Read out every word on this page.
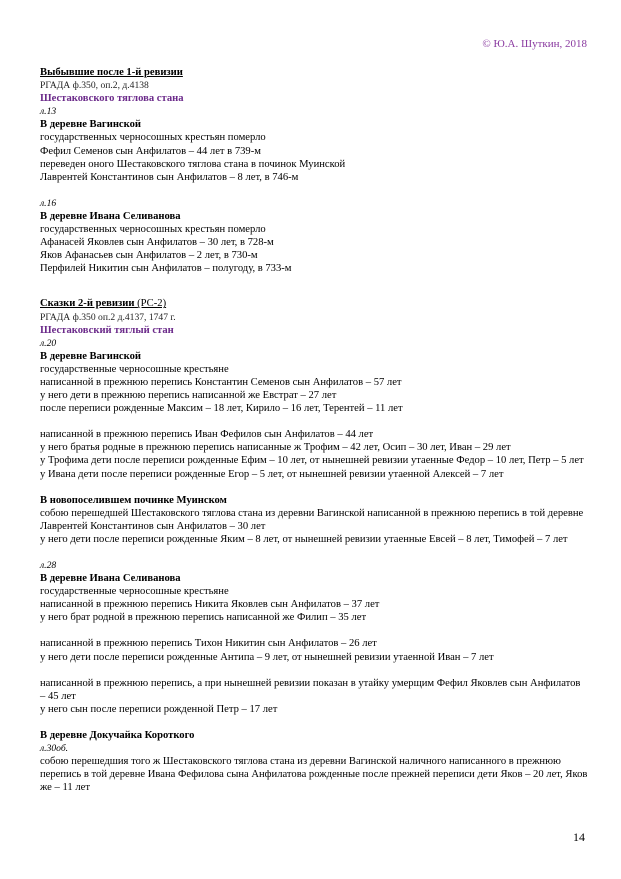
© Ю.А. Шуткин, 2018
Выбывшие после 1-й ревизии
РГАДА ф.350, оп.2, д.4138
Шестаковского тяглова стана
л.13
В деревне Вагинской
государственных черносошных крестьян померло
Фефил Семенов сын Анфилатов – 44 лет в 739-м
переведен оного Шестаковского тяглова стана в починок Муинской
Лаврентей Константинов сын Анфилатов – 8 лет, в 746-м
л.16
В деревне Ивана Селиванова
государственных черносошных крестьян померло
Афанасей Яковлев сын Анфилатов – 30 лет, в 728-м
Яков Афанасьев сын Анфилатов – 2 лет, в 730-м
Перфилей Никитин сын Анфилатов – полугоду, в 733-м
Сказки 2-й ревизии (РС-2)
РГАДА ф.350 оп.2 д.4137, 1747 г.
Шестаковский тяглый стан
л.20
В деревне Вагинской
государственные черносошные крестьяне
написанной в прежнюю перепись Константин Семенов сын Анфилатов – 57 лет
у него дети в прежнюю перепись написанной же Евстрат – 27 лет
после переписи рожденные Максим – 18 лет, Кирило – 16 лет, Терентей – 11 лет
написанной в прежнюю перепись Иван Фефилов сын Анфилатов – 44 лет
у него братья родные в прежнюю перепись написанные ж Трофим – 42 лет, Осип – 30 лет, Иван – 29 лет
у Трофима дети после переписи рожденные Ефим – 10 лет, от нынешней ревизии утаенные Федор – 10 лет, Петр – 5 лет
у Ивана дети после переписи рожденные Егор – 5 лет, от нынешней ревизии утаенной Алексей – 7 лет
В новопоселившем починке Муинском
собою перешедшей Шестаковского тяглова стана из деревни Вагинской написанной в прежнюю перепись в той деревне Лаврентей Константинов сын Анфилатов – 30 лет
у него дети после переписи рожденные Яким – 8 лет, от нынешней ревизии утаенные Евсей – 8 лет, Тимофей – 7 лет
л.28
В деревне Ивана Селиванова
государственные черносошные крестьяне
написанной в прежнюю перепись Никита Яковлев сын Анфилатов – 37 лет
у него брат родной в прежнюю перепись написанной же Филип – 35 лет
написанной в прежнюю перепись Тихон Никитин сын Анфилатов – 26 лет
у него дети после переписи рожденные Антипа – 9 лет, от нынешней ревизии утаенной Иван – 7 лет
написанной в прежнюю перепись, а при нынешней ревизии показан в утайку умерщим Фефил Яковлев сын Анфилатов – 45 лет
у него сын после переписи рожденной Петр – 17 лет
В деревне Докучайка Короткого
л.30об.
собою перешедшия того ж Шестаковского тяглова стана из деревни Вагинской наличного написанного в прежнюю перепись в той деревне Ивана Фефилова сына Анфилатова рожденные после прежней переписи дети Яков – 20 лет, Яков же – 11 лет
14
